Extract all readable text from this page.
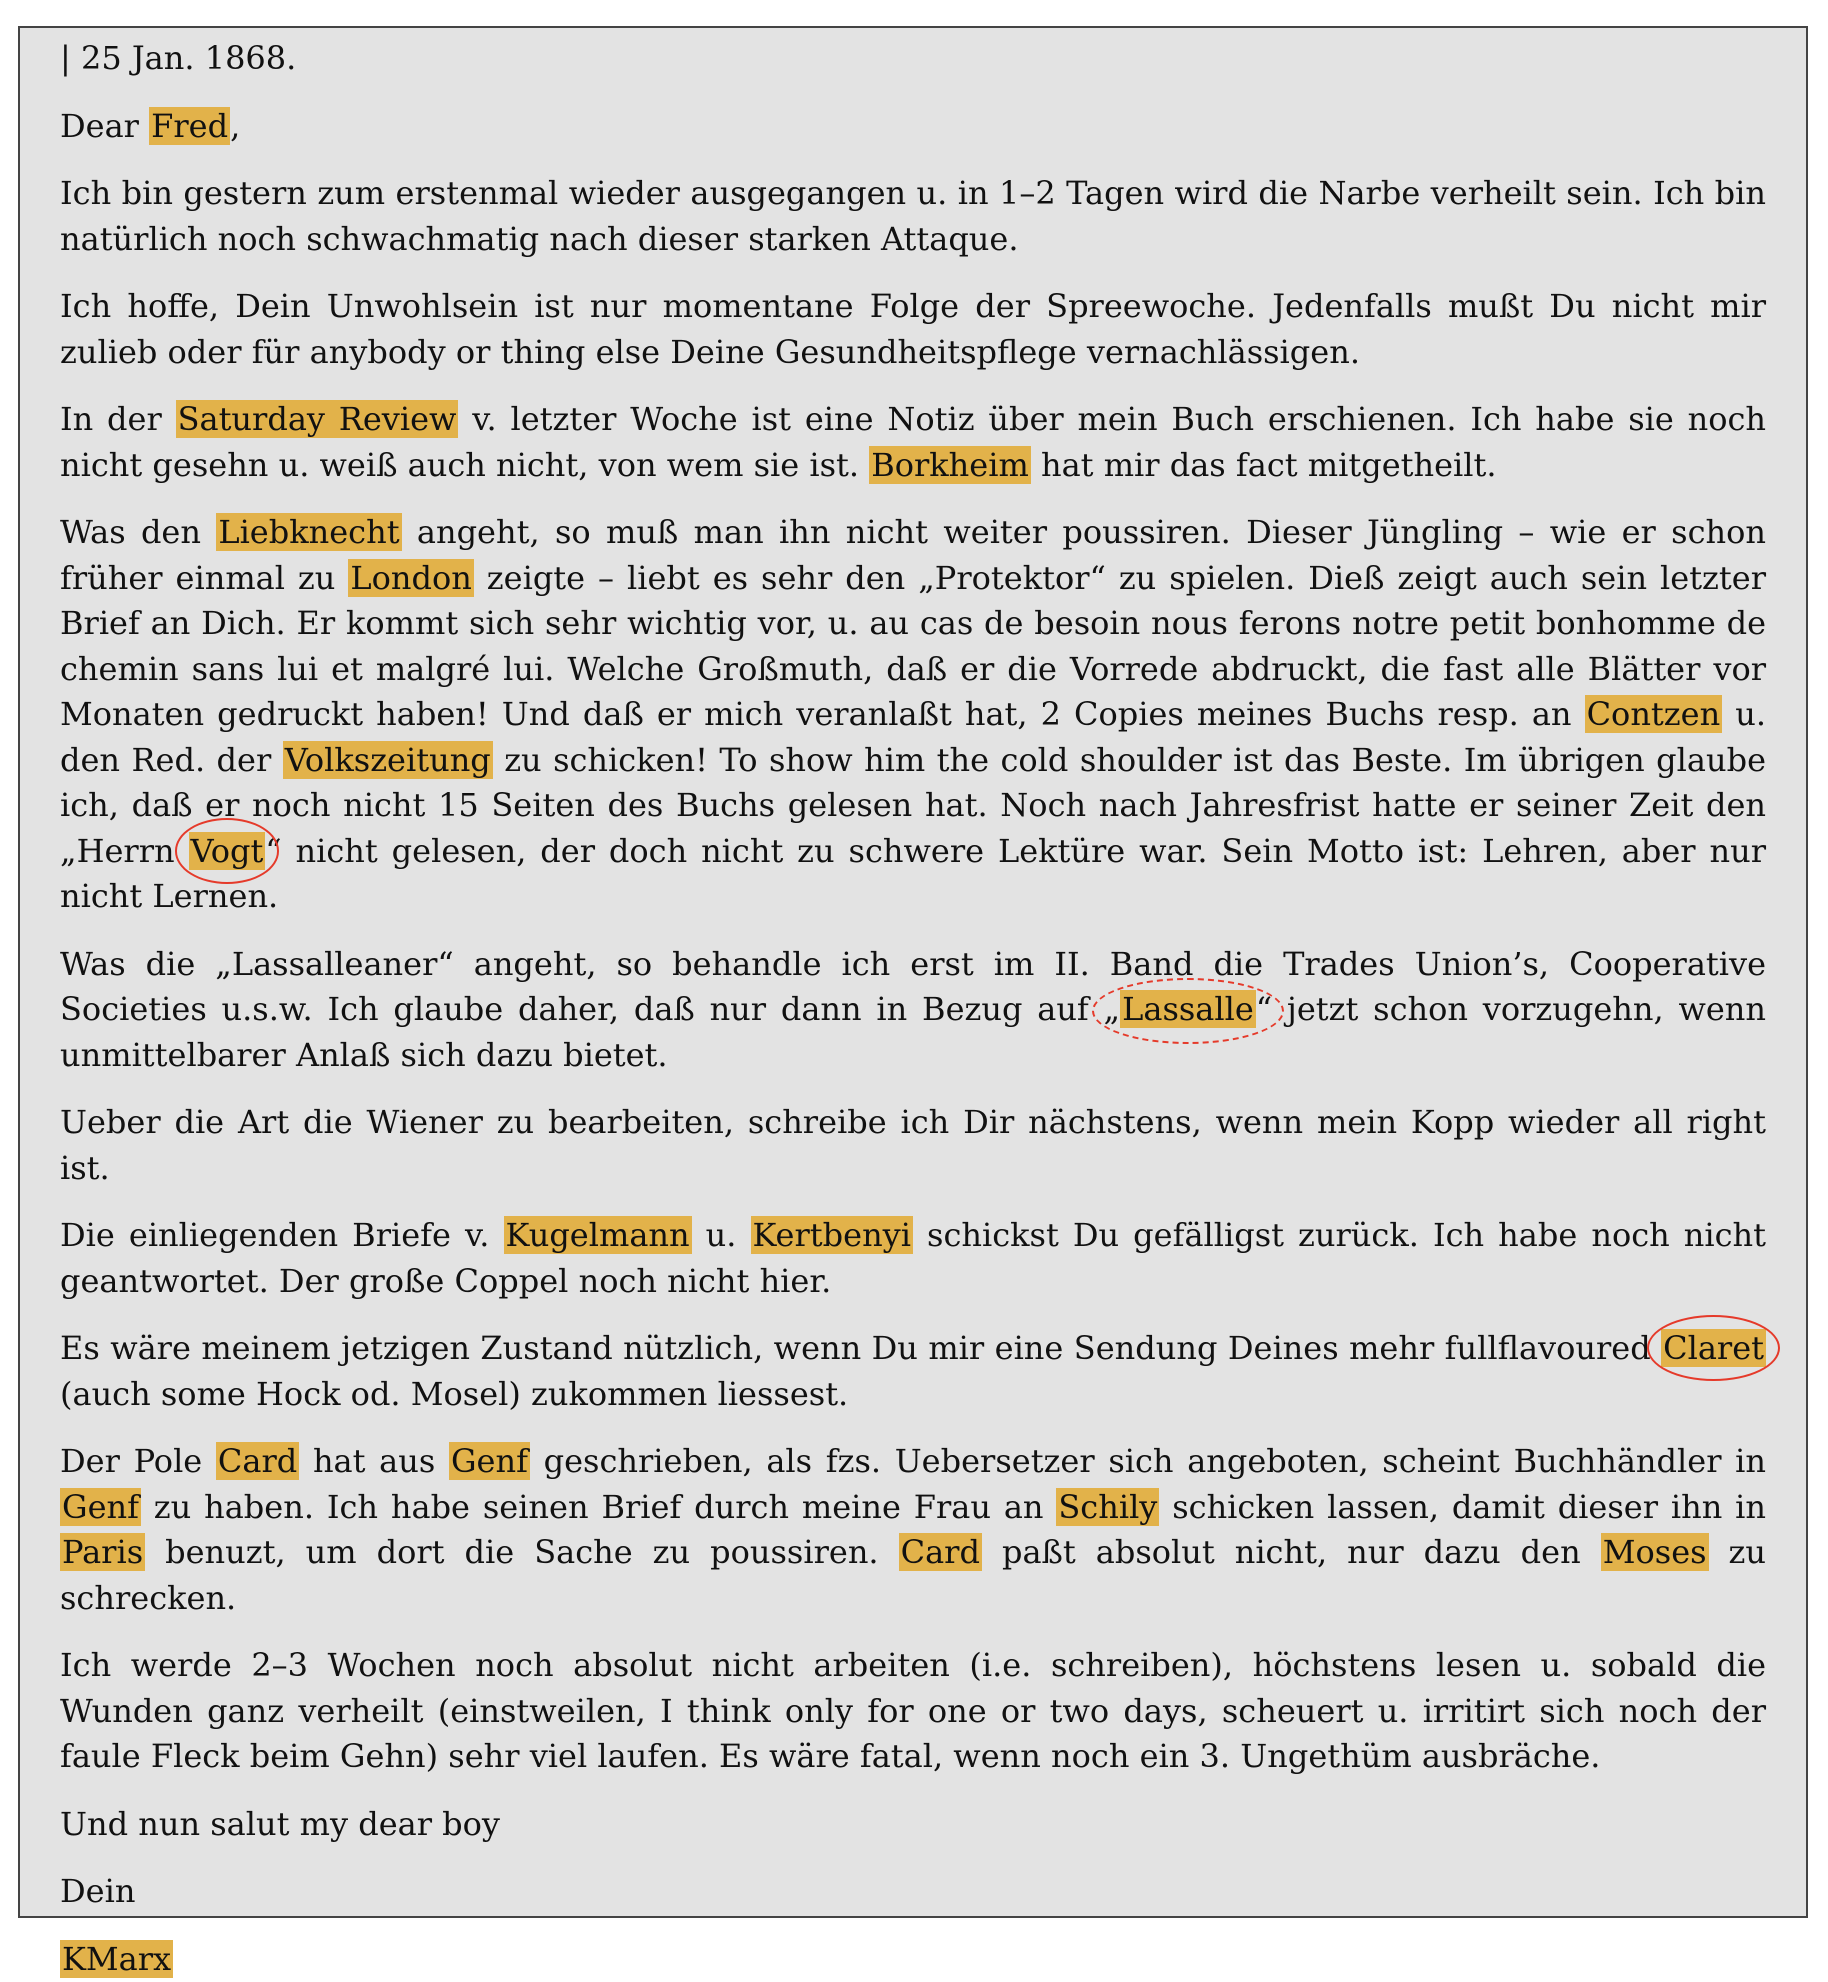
| 25 Jan. 1868.

Dear Fred,

Ich bin gestern zum erstenmal wieder ausgegangen u. in 1–2 Tagen wird die Narbe verheilt sein. Ich bin natürlich noch schwachmatig nach dieser starken Attaque.

Ich hoffe, Dein Unwohlsein ist nur momentane Folge der Spreewoche. Jedenfalls mußt Du nicht mir zulieb oder für anybody or thing else Deine Gesundheitspflege vernachlässigen.

In der Saturday Review v. letzter Woche ist eine Notiz über mein Buch erschienen. Ich habe sie noch nicht gesehn u. weiß auch nicht, von wem sie ist. Borkheim hat mir das fact mitgetheilt.

Was den Liebknecht angeht, so muß man ihn nicht weiter poussiren. Dieser Jüngling – wie er schon früher einmal zu London zeigte – liebt es sehr den „Protektor“ zu spielen. Dieß zeigt auch sein letzter Brief an Dich. Er kommt sich sehr wichtig vor, u. au cas de besoin nous ferons notre petit bonhomme de chemin sans lui et malgré lui. Welche Großmuth, daß er die Vorrede abdruckt, die fast alle Blätter vor Monaten gedruckt haben! Und daß er mich veranlaßt hat, 2 Copies meines Buchs resp. an Contzen u. den Red. der Volkszeitung zu schicken! To show him the cold shoulder ist das Beste. Im übrigen glaube ich, daß er noch nicht 15 Seiten des Buchs gelesen hat. Noch nach Jahresfrist hatte er seiner Zeit den „Herrn Vogt“ nicht gelesen, der doch nicht zu schwere Lektüre war. Sein Motto ist: Lehren, aber nur nicht Lernen.

Was die „Lassalleaner“ angeht, so behandle ich erst im II. Band die Trades Union’s, Cooperative Societies u.s.w. Ich glaube daher, daß nur dann in Bezug auf „Lassalle“ jetzt schon vorzugehn, wenn unmittelbarer Anlaß sich dazu bietet.

Ueber die Art die Wiener zu bearbeiten, schreibe ich Dir nächstens, wenn mein Kopp wieder all right ist.

Die einliegenden Briefe v. Kugelmann u. Kertbenyi schickst Du gefälligst zurück. Ich habe noch nicht geantwortet. Der große Coppel noch nicht hier.

Es wäre meinem jetzigen Zustand nützlich, wenn Du mir eine Sendung Deines mehr fullflavoured Claret (auch some Hock od. Mosel) zukommen liessest.

Der Pole Card hat aus Genf geschrieben, als fzs. Uebersetzer sich angeboten, scheint Buchhändler in Genf zu haben. Ich habe seinen Brief durch meine Frau an Schily schicken lassen, damit dieser ihn in Paris benuzt, um dort die Sache zu poussiren. Card paßt absolut nicht, nur dazu den Moses zu schrecken.

Ich werde 2–3 Wochen noch absolut nicht arbeiten (i.e. schreiben), höchstens lesen u. sobald die Wunden ganz verheilt (einstweilen, I think only for one or two days, scheuert u. irritirt sich noch der faule Fleck beim Gehn) sehr viel laufen. Es wäre fatal, wenn noch ein 3. Ungethüm ausbräche.

Und nun salut my dear boy

Dein

KMarx
